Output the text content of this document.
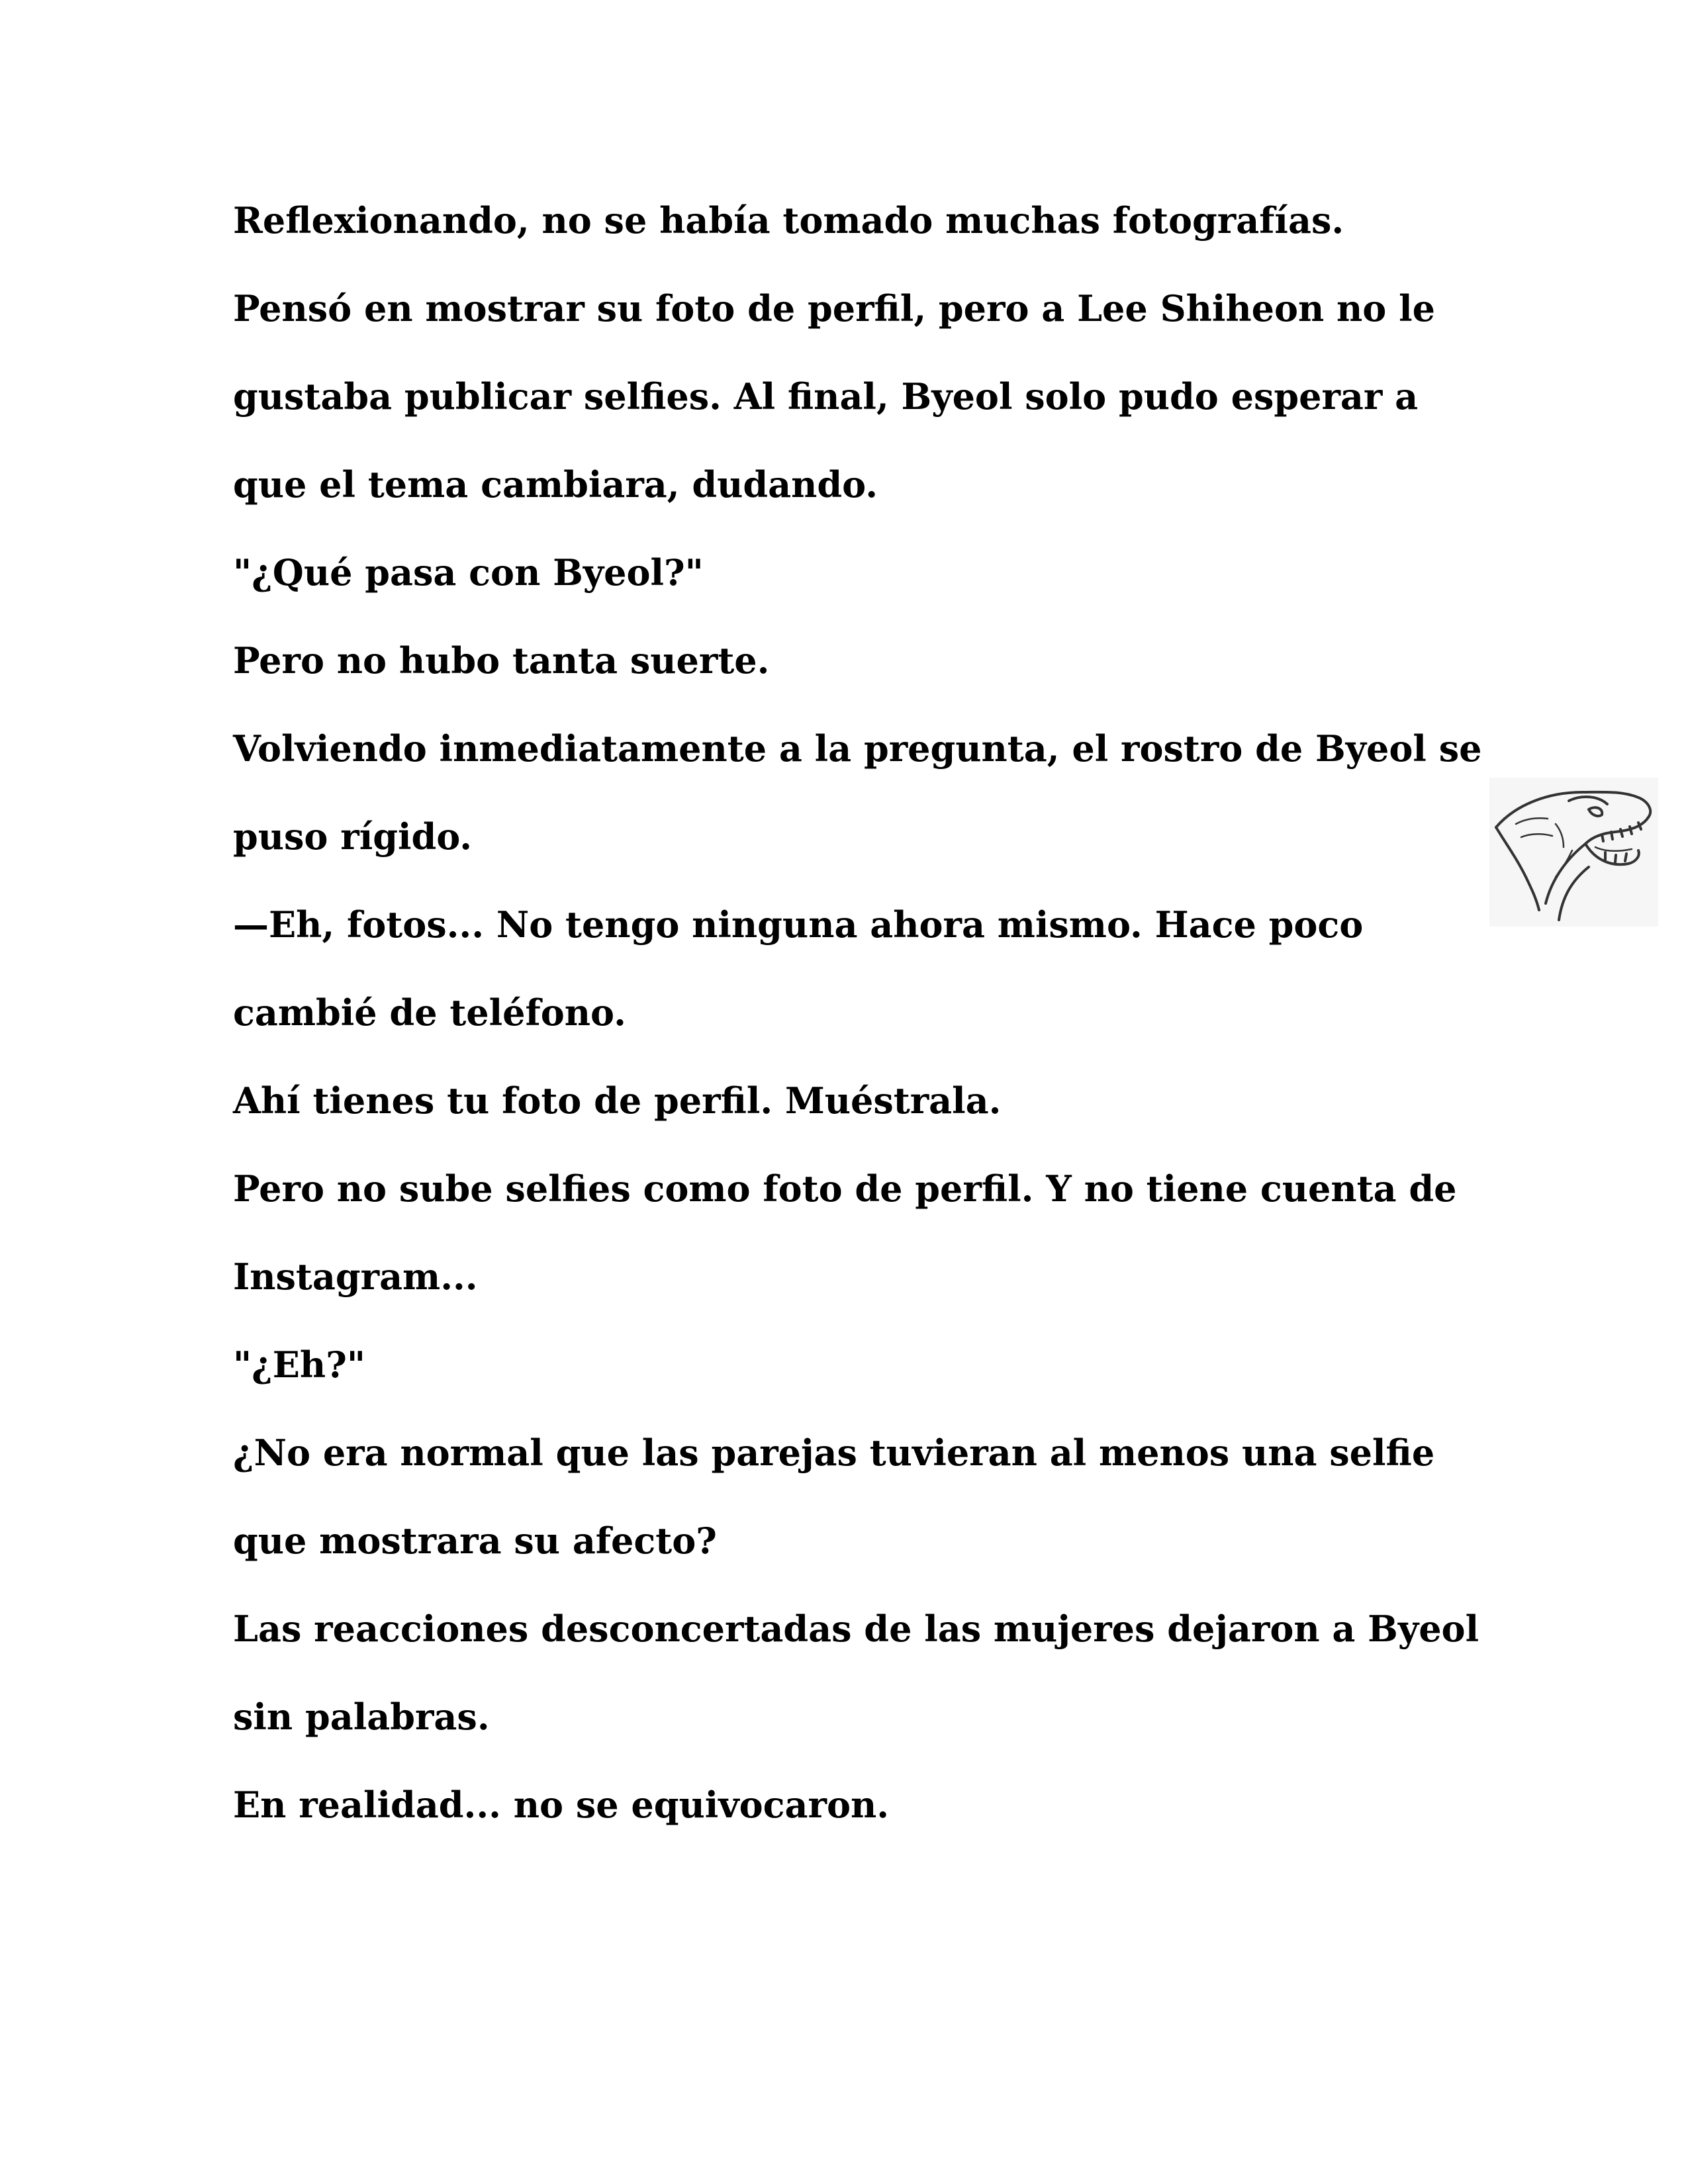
Reflexionando, no se había tomado muchas fotografías.
Pensó en mostrar su foto de perfil, pero a Lee Shiheon no le
gustaba publicar selfies. Al final, Byeol solo pudo esperar a
que el tema cambiara, dudando.
"¿Qué pasa con Byeol?"
Pero no hubo tanta suerte.
Volviendo inmediatamente a la pregunta, el rostro de Byeol se
puso rígido.
—Eh, fotos... No tengo ninguna ahora mismo. Hace poco
cambié de teléfono.
Ahí tienes tu foto de perfil. Muéstrala.
Pero no sube selfies como foto de perfil. Y no tiene cuenta de
Instagram...
"¿Eh?"
¿No era normal que las parejas tuvieran al menos una selfie
que mostrara su afecto?
Las reacciones desconcertadas de las mujeres dejaron a Byeol
sin palabras.
En realidad... no se equivocaron.
